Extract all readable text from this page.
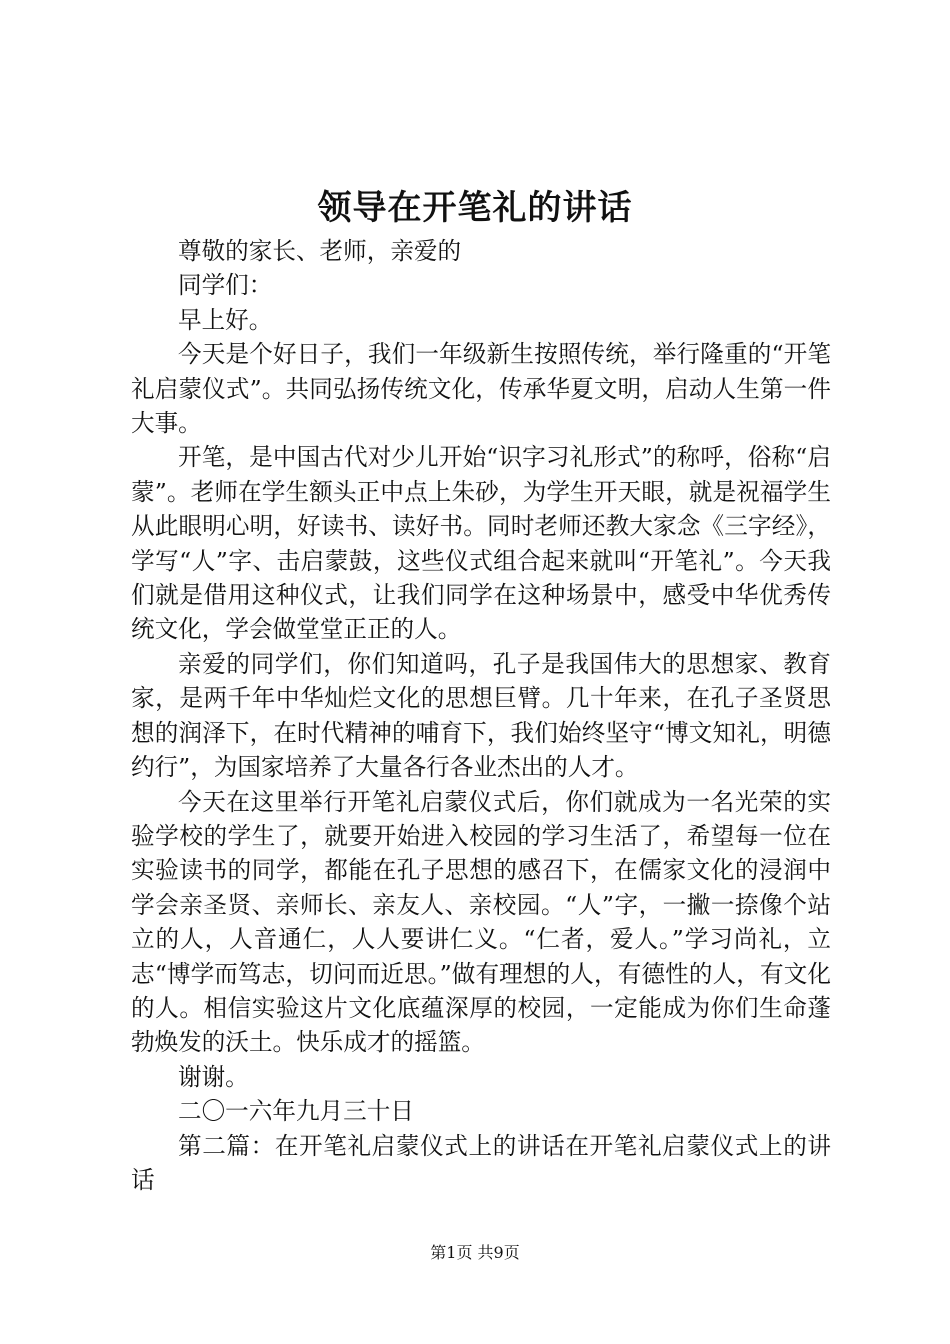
领导在开笔礼的讲话

尊敬的家长、老师，亲爱的

同学们：

早上好。

今天是个好日子，我们一年级新生按照传统，举行隆重的“开笔礼启蒙仪式”。共同弘扬传统文化，传承华夏文明，启动人生第一件大事。

开笔，是中国古代对少儿开始“识字习礼形式”的称呼，俗称“启蒙”。老师在学生额头正中点上朱砂，为学生开天眼，就是祝福学生从此眼明心明，好读书、读好书。同时老师还教大家念《三字经》，学写“人”字、击启蒙鼓，这些仪式组合起来就叫“开笔礼”。今天我们就是借用这种仪式，让我们同学在这种场景中，感受中华优秀传统文化，学会做堂堂正正的人。

亲爱的同学们，你们知道吗，孔子是我国伟大的思想家、教育家，是两千年中华灿烂文化的思想巨臂。几十年来，在孔子圣贤思想的润泽下，在时代精神的哺育下，我们始终坚守“博文知礼，明德约行”，为国家培养了大量各行各业杰出的人才。

今天在这里举行开笔礼启蒙仪式后，你们就成为一名光荣的实验学校的学生了，就要开始进入校园的学习生活了，希望每一位在实验读书的同学，都能在孔子思想的感召下，在儒家文化的浸润中学会亲圣贤、亲师长、亲友人、亲校园。“人”字，一撇一捺像个站立的人，人音通仁，人人要讲仁义。“仁者，爱人。”学习尚礼，立志“博学而笃志，切问而近思。”做有理想的人，有德性的人，有文化的人。相信实验这片文化底蕴深厚的校园，一定能成为你们生命蓬勃焕发的沃土。快乐成才的摇篮。

谢谢。

二〇一六年九月三十日

第二篇：在开笔礼启蒙仪式上的讲话在开笔礼启蒙仪式上的讲话

第1页 共9页
